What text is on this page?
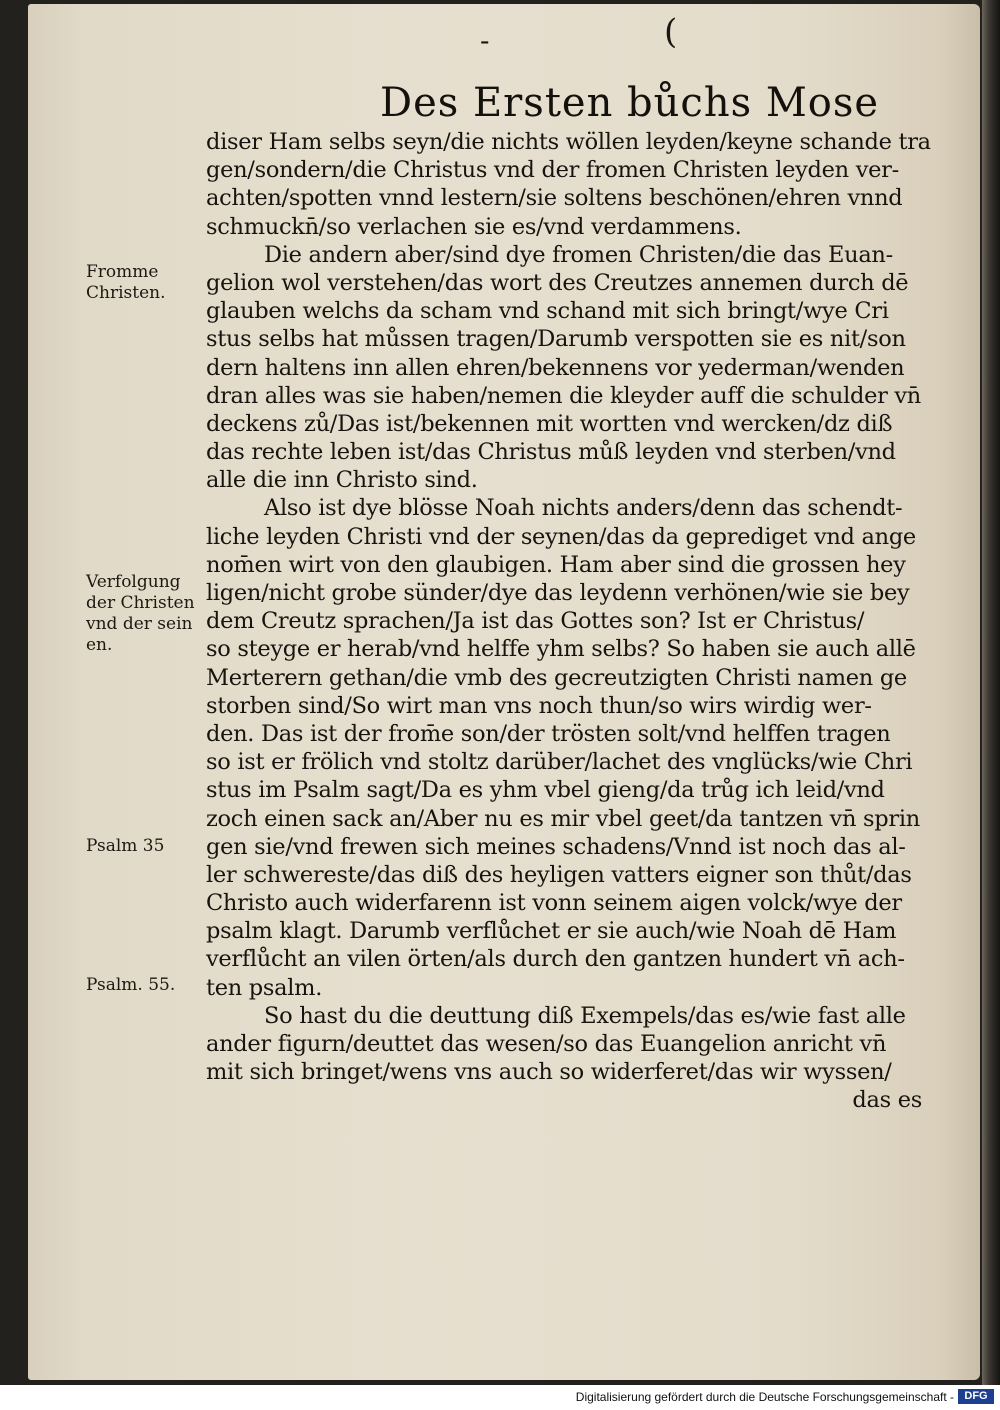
-	(
Des Ersten bůchs Mose
diser Ham selbs seyn/die nichts wöllen leyden/keyne schande tra
gen/sondern/die Christus vnd der fromen Christen leyden ver-
achten/spotten vnnd lestern/sie soltens beschönen/ehren vnnd
schmuckn̄/so verlachen sie es/vnd verdammens.
Die andern aber/sind dye fromen Christen/die das Euan-
gelion wol verstehen/das wort des Creutzes annemen durch dē
glauben welchs da scham vnd schand mit sich bringt/wye Cri
stus selbs hat můssen tragen/Darumb verspotten sie es nit/son
dern haltens inn allen ehren/bekennens vor yederman/wenden
dran alles was sie haben/nemen die kleyder auff die schulder vn̄
deckens zů/Das ist/bekennen mit wortten vnd wercken/dz diß
das rechte leben ist/das Christus můß leyden vnd sterben/vnd
alle die inn Christo sind.
Also ist dye blösse Noah nichts anders/denn das schendt-
liche leyden Christi vnd der seynen/das da geprediget vnd ange
nom̄en wirt von den glaubigen. Ham aber sind die grossen hey
ligen/nicht grobe sünder/dye das leydenn verhönen/wie sie bey
dem Creutz sprachen/Ja ist das Gottes son? Ist er Christus/
so steyge er herab/vnd helffe yhm selbs? So haben sie auch allē
Merterern gethan/die vmb des gecreutzigten Christi namen ge
storben sind/So wirt man vns noch thun/so wirs wirdig wer-
den. Das ist der from̄e son/der trösten solt/vnd helffen tragen
so ist er frölich vnd stoltz darüber/lachet des vnglücks/wie Chri
stus im Psalm sagt/Da es yhm vbel gieng/da trůg ich leid/vnd
zoch einen sack an/Aber nu es mir vbel geet/da tantzen vn̄ sprin
gen sie/vnd frewen sich meines schadens/Vnnd ist noch das al-
ler schwereste/das diß des heyligen vatters eigner son thůt/das
Christo auch widerfarenn ist vonn seinem aigen volck/wye der
psalm klagt. Darumb verflůchet er sie auch/wie Noah dē Ham
verflůcht an vilen örten/als durch den gantzen hundert vn̄ ach-
ten psalm.
So hast du die deuttung diß Exempels/das es/wie fast alle
ander figurn/deuttet das wesen/so das Euangelion anricht vn̄
mit sich bringet/wens vns auch so widerferet/das wir wyssen/
das es
Fromme
Christen.
Verfolgung
der Christen
vnd der sein
en.
Psalm 35
Psalm. 55.
Digitalisierung gefördert durch die Deutsche Forschungsgemeinschaft - DFG
